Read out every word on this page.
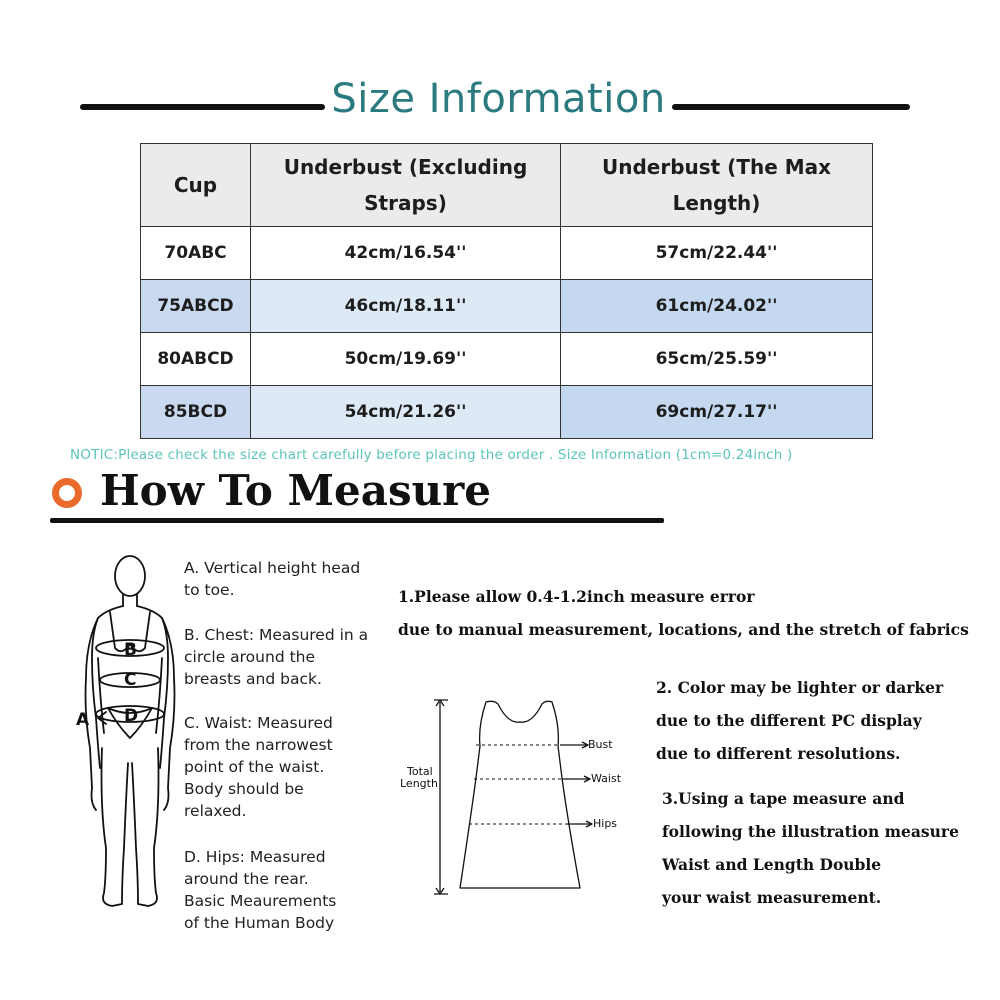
Size Information
Cup	Underbust (Excluding Straps)	Underbust (The Max Length)
70ABC	42cm/16.54''	57cm/22.44''
75ABCD	46cm/18.11''	61cm/24.02''
80ABCD	50cm/19.69''	65cm/25.59''
85BCD	54cm/21.26''	69cm/27.17''
NOTIC:Please check the size chart carefully before placing the order . Size Information (1cm=0.24inch )
How To Measure
A
B
C
D
A. Vertical height head
to toe.
B. Chest: Measured in a
circle around the
breasts and back.
C. Waist: Measured
from the narrowest
point of the waist.
Body should be
relaxed.
D. Hips: Measured
around the rear.
Basic Meaurements
of the Human Body
1.Please allow 0.4-1.2inch measure error
due to manual measurement, locations, and the stretch of fabrics
2. Color may be lighter or darker
due to the different PC display
due to different resolutions.
3.Using a tape measure and
following the illustration measure
Waist and Length Double
your waist measurement.
Bust
Waist
Hips
Total
Length
